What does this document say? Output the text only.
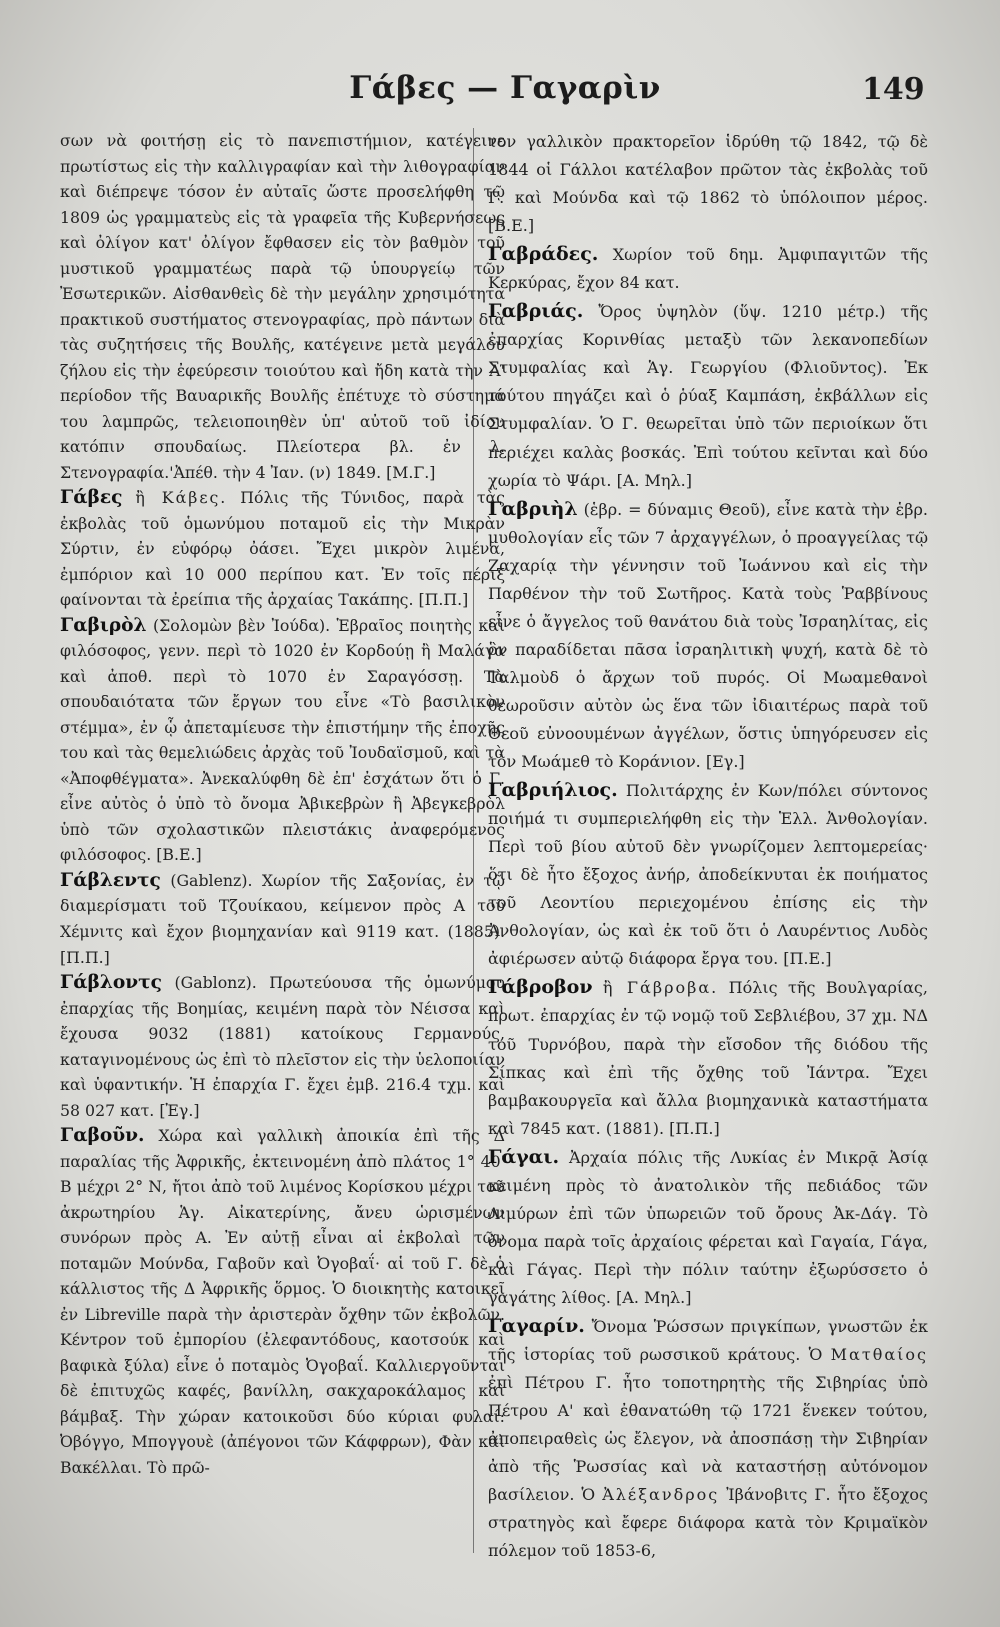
Γάβες — Γαγαρὶν	149

σων νὰ φοιτήσῃ εἰς τὸ πανεπιστήμιον, κατέγεινε πρωτίστως εἰς τὴν καλλιγραφίαν καὶ τὴν λιθογραφίαν καὶ διέπρεψε τόσον ἐν αὐταῖς ὥστε προσελήφθη τῷ 1809 ὡς γραμματεὺς εἰς τὰ γραφεῖα τῆς Κυβερνήσεως καὶ ὀλίγον κατ' ὀλίγον ἔφθασεν εἰς τὸν βαθμὸν τοῦ μυστικοῦ γραμματέως παρὰ τῷ ὑπουργείῳ τῶν Ἐσωτερικῶν. Αἰσθανθεὶς δὲ τὴν μεγάλην χρησιμότητα πρακτικοῦ συστήματος στενογραφίας, πρὸ πάντων διὰ τὰς συζητήσεις τῆς Βουλῆς, κατέγεινε μετὰ μεγάλου ζήλου εἰς τὴν ἐφεύρεσιν τοιούτου καὶ ἤδη κατὰ τὴν Α' περίοδον τῆς Βαυαρικῆς Βουλῆς ἐπέτυχε τὸ σύστημά του λαμπρῶς, τελειοποιηθὲν ὑπ' αὐτοῦ τοῦ ἰδίου κατόπιν σπουδαίως. Πλείοτερα βλ. ἐν λ. Στενογραφία.'Ἀπέθ. τὴν 4 Ἰαν. (ν) 1849. [Μ.Γ.]

Γάβες ἢ Κάβες. Πόλις τῆς Τύνιδος, παρὰ τὰς ἐκβολὰς τοῦ ὁμωνύμου ποταμοῦ εἰς τὴν Μικρὰν Σύρτιν, ἐν εὐφόρῳ ὀάσει. Ἔχει μικρὸν λιμένα, ἐμπόριον καὶ 10 000 περίπου κατ. Ἐν τοῖς πέριξ φαίνονται τὰ ἐρείπια τῆς ἀρχαίας Τακάπης. [Π.Π.]

Γαβιρὸλ (Σολομὼν βὲν Ἰούδα). Ἑβραῖος ποιητὴς καὶ φιλόσοφος, γενν. περὶ τὸ 1020 ἐν Κορδούῃ ἢ Μαλάγα καὶ ἀποθ. περὶ τὸ 1070 ἐν Σαραγόσσῃ. Τὰ σπουδαιότατα τῶν ἔργων του εἶνε «Τὸ βασιλικὸν στέμμα», ἐν ᾧ ἀπεταμίευσε τὴν ἐπιστήμην τῆς ἐποχῆς του καὶ τὰς θεμελιώδεις ἀρχὰς τοῦ Ἰουδαϊσμοῦ, καὶ τὰ «Ἀποφθέγματα». Ἀνεκαλύφθη δὲ ἐπ' ἐσχάτων ὅτι ὁ Γ. εἶνε αὐτὸς ὁ ὑπὸ τὸ ὄνομα Ἀβικεβρὼν ἢ Ἀβεγκεβρὸλ ὑπὸ τῶν σχολαστικῶν πλειστάκις ἀναφερόμενος φιλόσοφος. [Β.Ε.]

Γάβλεντς (Gablenz). Χωρίον τῆς Σαξονίας, ἐν τῷ διαμερίσματι τοῦ Τζουίκαου, κείμενον πρὸς Α τοῦ Χέμνιτς καὶ ἔχον βιομηχανίαν καὶ 9119 κατ. (1885). [Π.Π.]

Γάβλοντς (Gablonz). Πρωτεύουσα τῆς ὁμωνύμου ἐπαρχίας τῆς Βοημίας, κειμένη παρὰ τὸν Νέισσα καὶ ἔχουσα 9032 (1881) κατοίκους Γερμανούς, καταγινομένους ὡς ἐπὶ τὸ πλεῖστον εἰς τὴν ὑελοποιίαν καὶ ὑφαντικήν. Ἡ ἐπαρχία Γ. ἔχει ἐμβ. 216.4 τχμ. καὶ 58 027 κατ. [Ἐγ.]

Γαβοῦν. Χώρα καὶ γαλλικὴ ἀποικία ἐπὶ τῆς Δ παραλίας τῆς Ἀφρικῆς, ἐκτεινομένη ἀπὸ πλάτος 1° 40' Β μέχρι 2° Ν, ἤτοι ἀπὸ τοῦ λιμένος Κορίσκου μέχρι τοῦ ἀκρωτηρίου Ἁγ. Αἰκατερίνης, ἄνευ ὡρισμένων συνόρων πρὸς Α. Ἐν αὐτῇ εἶναι αἱ ἐκβολαὶ τῶν ποταμῶν Μούνδα, Γαβοῦν καὶ Ὀγοβαΐ· αἱ τοῦ Γ. δὲ ὁ κάλλιστος τῆς Δ Ἀφρικῆς ὅρμος. Ὁ διοικητὴς κατοικεῖ ἐν Libreville παρὰ τὴν ἀριστερὰν ὄχθην τῶν ἐκβολῶν. Κέντρον τοῦ ἐμπορίου (ἐλεφαντόδους, καοτσούκ καὶ βαφικὰ ξύλα) εἶνε ὁ ποταμὸς Ὀγοβαΐ. Καλλιεργοῦνται δὲ ἐπιτυχῶς καφές, βανίλλη, σακχαροκάλαμος καὶ βάμβαξ. Τὴν χώραν κατοικοῦσι δύο κύριαι φυλαί: Ὀβόγγο, Μπογγουὲ (ἀπέγονοι τῶν Κάφφρων), Φὰν καὶ Βακέλλαι. Τὸ πρῶ-

τον γαλλικὸν πρακτορεῖον ἱδρύθη τῷ 1842, τῷ δὲ 1844 οἱ Γάλλοι κατέλαβον πρῶτον τὰς ἐκβολὰς τοῦ Γ. καὶ Μούνδα καὶ τῷ 1862 τὸ ὑπόλοιπον μέρος. [Β.Ε.]

Γαβράδες. Χωρίον τοῦ δημ. Ἀμφιπαγιτῶν τῆς Κερκύρας, ἔχον 84 κατ.

Γαβριάς. Ὄρος ὑψηλὸν (ὕψ. 1210 μέτρ.) τῆς ἐπαρχίας Κορινθίας μεταξὺ τῶν λεκανοπεδίων Στυμφαλίας καὶ Ἁγ. Γεωργίου (Φλιοῦντος). Ἐκ τούτου πηγάζει καὶ ὁ ῥύαξ Καμπάση, ἐκβάλλων εἰς Στυμφαλίαν. Ὁ Γ. θεωρεῖται ὑπὸ τῶν περιοίκων ὅτι περιέχει καλὰς βοσκάς. Ἐπὶ τούτου κεῖνται καὶ δύο χωρία τὸ Ψάρι. [Α. Μηλ.]

Γαβριὴλ (ἑβρ. = δύναμις Θεοῦ), εἶνε κατὰ τὴν ἑβρ. μυθολογίαν εἷς τῶν 7 ἀρχαγγέλων, ὁ προαγγείλας τῷ Ζαχαρίᾳ τὴν γέννησιν τοῦ Ἰωάννου καὶ εἰς τὴν Παρθένον τὴν τοῦ Σωτῆρος. Κατὰ τοὺς Ῥαββίνους εἶνε ὁ ἄγγελος τοῦ θανάτου διὰ τοὺς Ἰσραηλίτας, εἰς ὃν παραδίδεται πᾶσα ἰσραηλιτικὴ ψυχή, κατὰ δὲ τὸ Ταλμοὺδ ὁ ἄρχων τοῦ πυρός. Οἱ Μωαμεθανοὶ θεωροῦσιν αὐτὸν ὡς ἕνα τῶν ἰδιαιτέρως παρὰ τοῦ Θεοῦ εὐνοουμένων ἀγγέλων, ὅστις ὑπηγόρευσεν εἰς τὸν Μωάμεθ τὸ Κοράνιον. [Εγ.]

Γαβριήλιος. Πολιτάρχης ἐν Κων/πόλει σύντονος ποιήμά τι συμπεριελήφθη εἰς τὴν Ἑλλ. Ἀνθολογίαν. Περὶ τοῦ βίου αὐτοῦ δὲν γνωρίζομεν λεπτομερείας· ὅτι δὲ ἦτο ἔξοχος ἀνήρ, ἀποδείκνυται ἐκ ποιήματος τοῦ Λεοντίου περιεχομένου ἐπίσης εἰς τὴν Ἀνθολογίαν, ὡς καὶ ἐκ τοῦ ὅτι ὁ Λαυρέντιος Λυδὸς ἀφιέρωσεν αὐτῷ διάφορα ἔργα του. [Π.Ε.]

Γάβροβον ἢ Γάβροβα. Πόλις τῆς Βουλγαρίας, πρωτ. ἐπαρχίας ἐν τῷ νομῷ τοῦ Σεβλιέβου, 37 χμ. ΝΔ τοῦ Τυρνόβου, παρὰ τὴν εἴσοδον τῆς διόδου τῆς Σίπκας καὶ ἐπὶ τῆς ὄχθης τοῦ Ἰάντρα. Ἔχει βαμβακουργεῖα καὶ ἄλλα βιομηχανικὰ καταστήματα καὶ 7845 κατ. (1881). [Π.Π.]

Γάγαι. Ἀρχαία πόλις τῆς Λυκίας ἐν Μικρᾷ Ἀσίᾳ κειμένη πρὸς τὸ ἀνατολικὸν τῆς πεδιάδος τῶν Λιμύρων ἐπὶ τῶν ὑπωρειῶν τοῦ ὄρους Ἀκ-Δάγ. Τὸ ὄνομα παρὰ τοῖς ἀρχαίοις φέρεται καὶ Γαγαία, Γάγα, καὶ Γάγας. Περὶ τὴν πόλιν ταύτην ἐξωρύσσετο ὁ γαγάτης λίθος. [Α. Μηλ.]

Γαγαρίν. Ὄνομα Ῥώσσων πριγκίπων, γνωστῶν ἐκ τῆς ἱστορίας τοῦ ρωσσικοῦ κράτους. Ὁ Ματθαίος ἐπὶ Πέτρου Γ. ἦτο τοποτηρητὴς τῆς Σιβηρίας ὑπὸ Πέτρου Α' καὶ ἐθανατώθη τῷ 1721 ἕνεκεν τούτου, ἀποπειραθεὶς ὡς ἔλεγον, νὰ ἀποσπάσῃ τὴν Σιβηρίαν ἀπὸ τῆς Ῥωσσίας καὶ νὰ καταστήσῃ αὐτόνομον βασίλειον. Ὁ Ἀλέξανδρος Ἰβάνοβιτς Γ. ἦτο ἔξοχος στρατηγὸς καὶ ἔφερε διάφορα κατὰ τὸν Κριμαϊκὸν πόλεμον τοῦ 1853-6,
